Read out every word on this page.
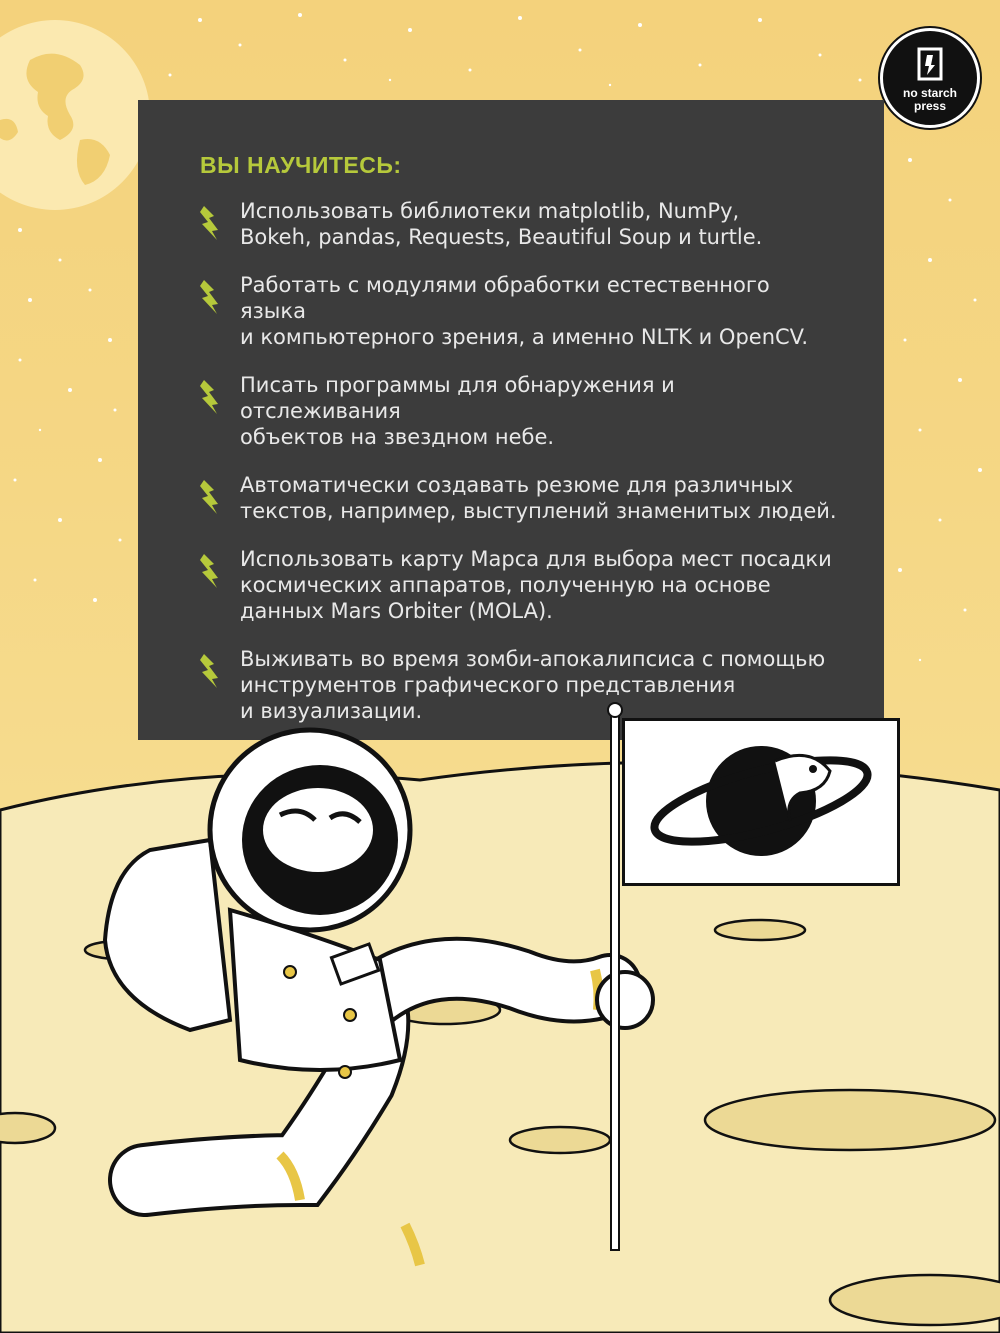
no starch
press
ВЫ НАУЧИТЕСЬ:

Использовать библиотеки matplotlib, NumPy,
Bokeh, pandas, Requests, Beautiful Soup и turtle.

Работать с модулями обработки естественного языка
и компьютерного зрения, а именно NLTK и OpenCV.

Писать программы для обнаружения и отслеживания
объектов на звездном небе.

Автоматически создавать резюме для различных
текстов, например, выступлений знаменитых людей.

Использовать карту Марса для выбора мест посадки
космических аппаратов, полученную на основе
данных Mars Orbiter (MOLA).

Выживать во время зомби-апокалипсиса с помощью
инструментов графического представления
и визуализации.
